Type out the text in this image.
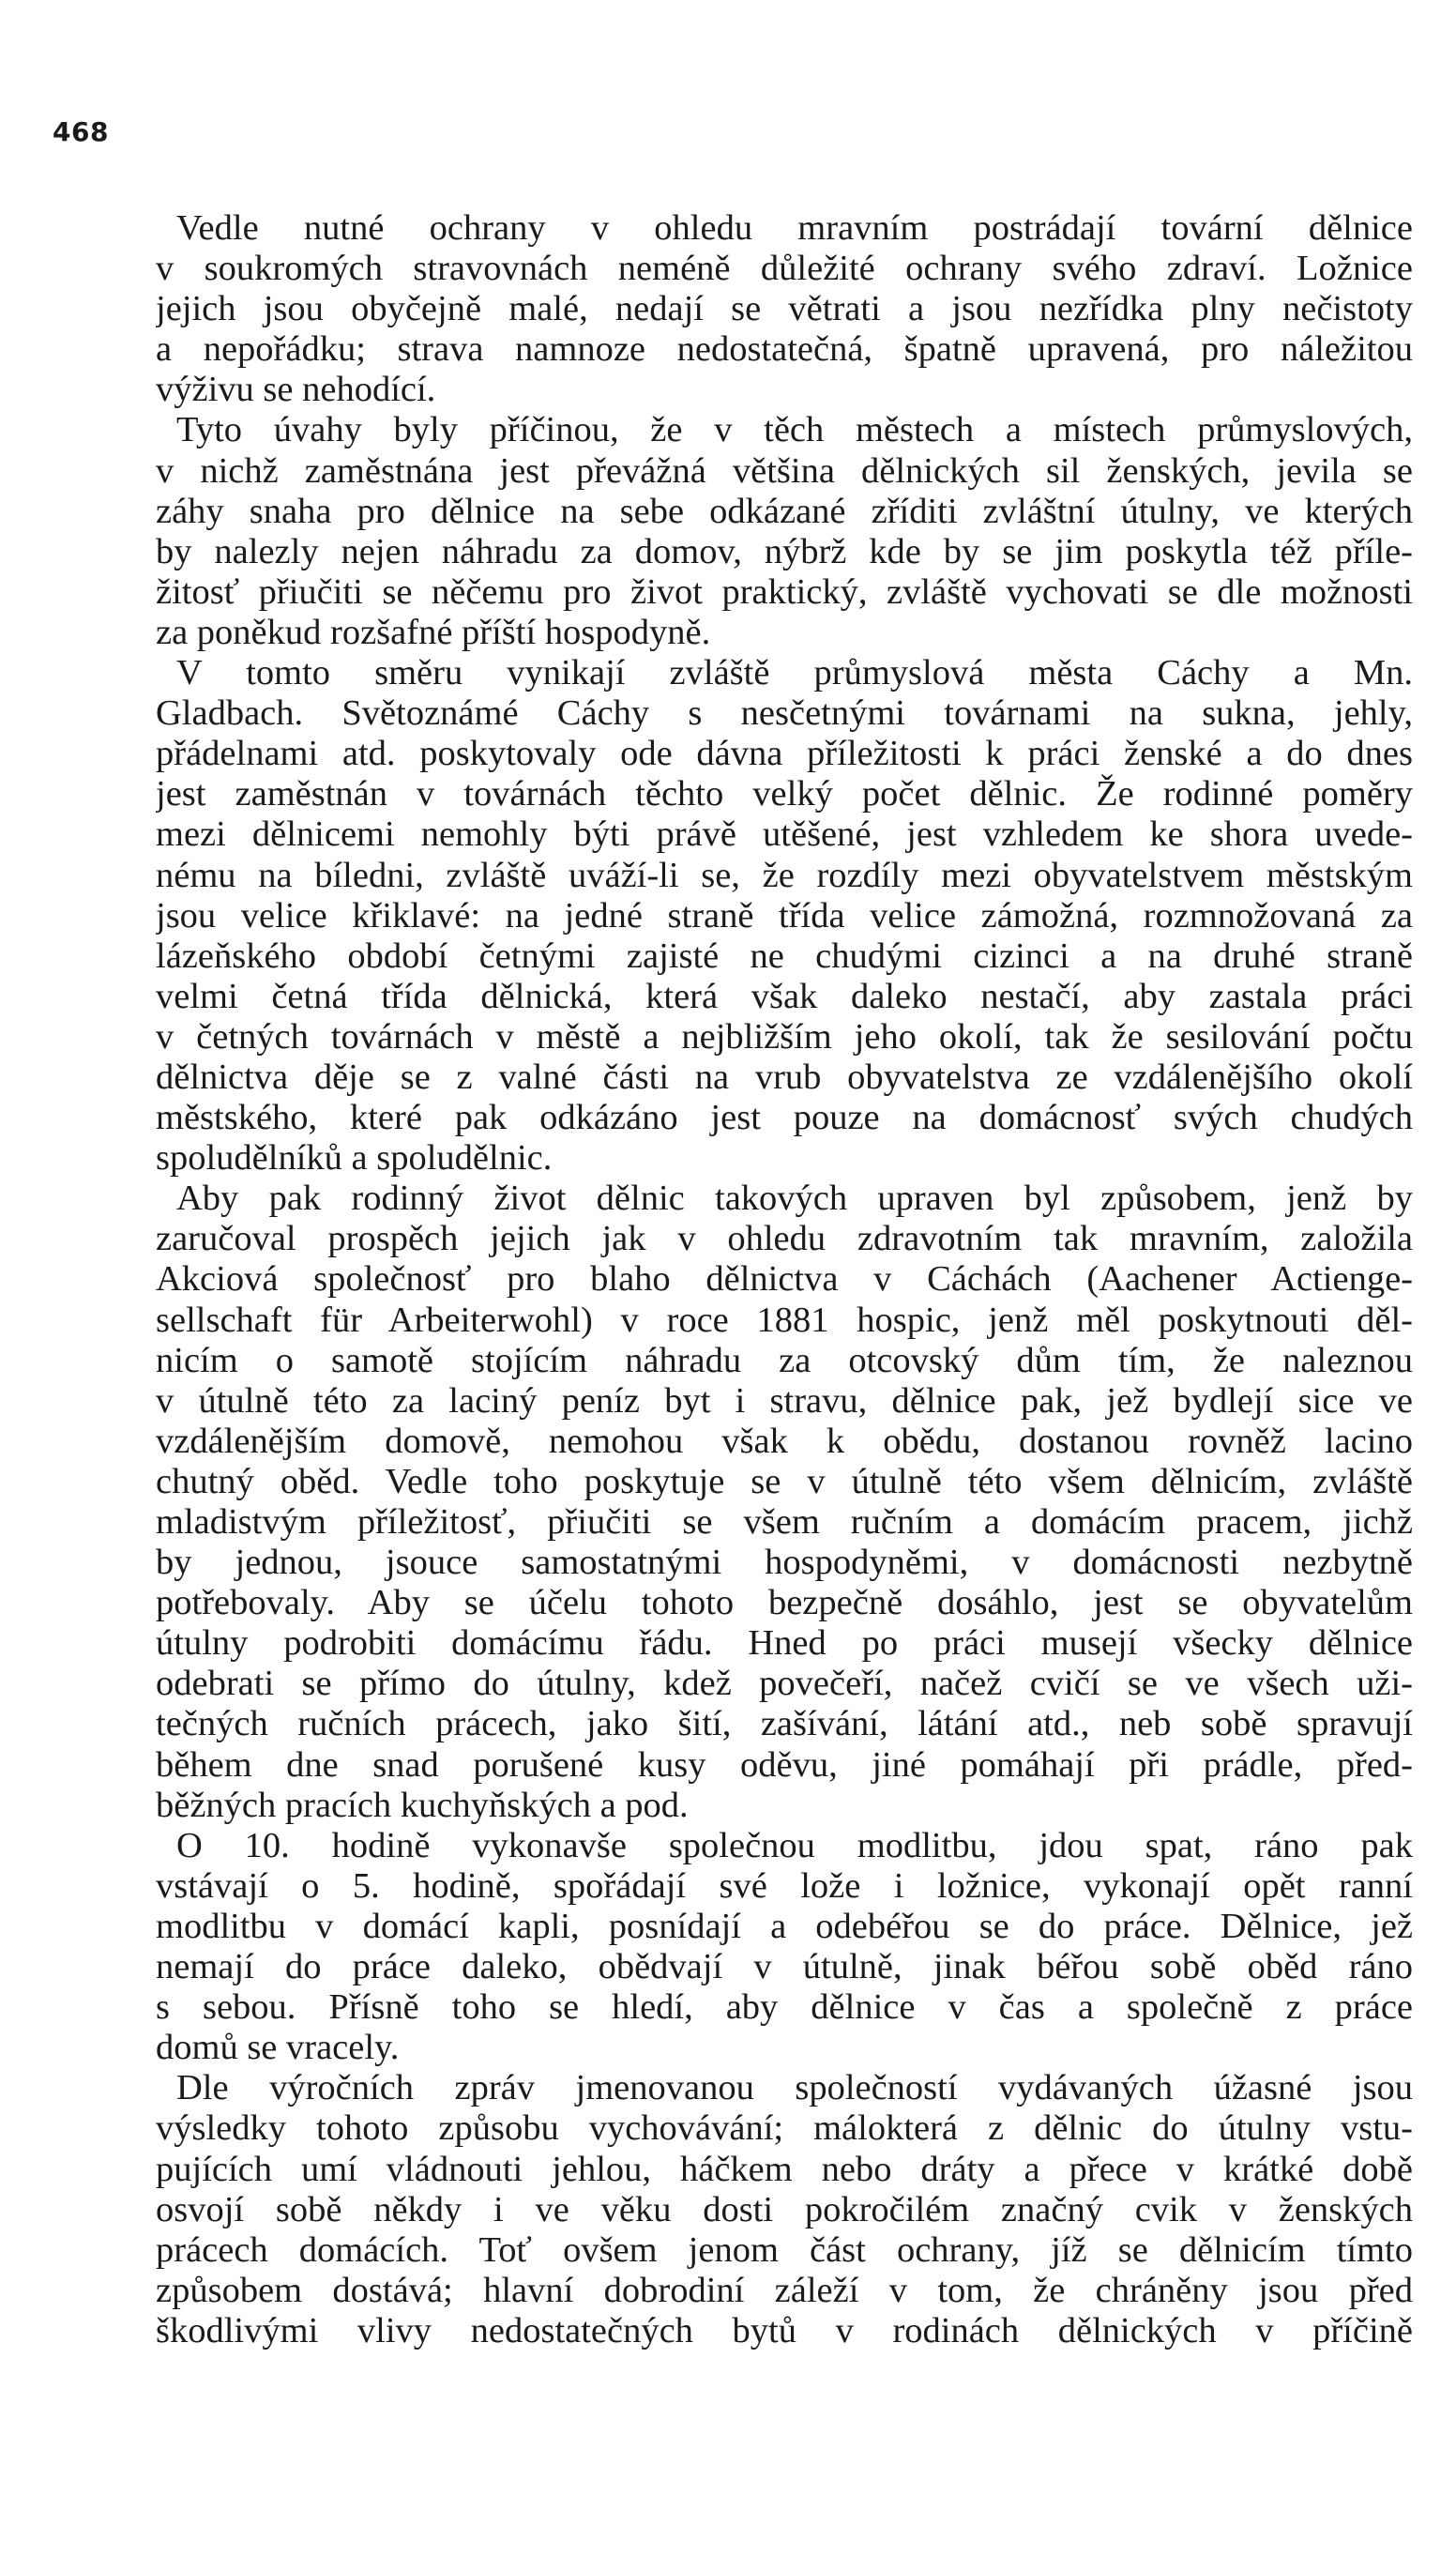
468
Vedle nutné ochrany v ohledu mravním postrádají tovární dělnice
v soukromých stravovnách neméně důležité ochrany svého zdraví. Ložnice
jejich jsou obyčejně malé, nedají se větrati a jsou nezřídka plny nečistoty
a nepořádku; strava namnoze nedostatečná, špatně upravená, pro náležitou
výživu se nehodící.
Tyto úvahy byly příčinou, že v těch městech a místech průmyslových,
v nichž zaměstnána jest převážná většina dělnických sil ženských, jevila se
záhy snaha pro dělnice na sebe odkázané zříditi zvláštní útulny, ve kterých
by nalezly nejen náhradu za domov, nýbrž kde by se jim poskytla též příle-
žitosť přiučiti se něčemu pro život praktický, zvláště vychovati se dle možnosti
za poněkud rozšafné příští hospodyně.
V tomto směru vynikají zvláště průmyslová města Cáchy a Mn.
Gladbach. Světoznámé Cáchy s nesčetnými továrnami na sukna, jehly,
přádelnami atd. poskytovaly ode dávna příležitosti k práci ženské a do dnes
jest zaměstnán v továrnách těchto velký počet dělnic. Že rodinné poměry
mezi dělnicemi nemohly býti právě utěšené, jest vzhledem ke shora uvede-
nému na bíledni, zvláště uváží-li se, že rozdíly mezi obyvatelstvem městským
jsou velice křiklavé: na jedné straně třída velice zámožná, rozmnožovaná za
lázeňského období četnými zajisté ne chudými cizinci a na druhé straně
velmi četná třída dělnická, která však daleko nestačí, aby zastala práci
v četných továrnách v městě a nejbližším jeho okolí, tak že sesilování počtu
dělnictva děje se z valné části na vrub obyvatelstva ze vzdálenějšího okolí
městského, které pak odkázáno jest pouze na domácnosť svých chudých
spoludělníků a spoludělnic.
Aby pak rodinný život dělnic takových upraven byl způsobem, jenž by
zaručoval prospěch jejich jak v ohledu zdravotním tak mravním, založila
Akciová společnosť pro blaho dělnictva v Cáchách (Aachener Actienge-
sellschaft für Arbeiterwohl) v roce 1881 hospic, jenž měl poskytnouti děl-
nicím o samotě stojícím náhradu za otcovský dům tím, že naleznou
v útulně této za laciný peníz byt i stravu, dělnice pak, jež bydlejí sice ve
vzdálenějším domově, nemohou však k obědu, dostanou rovněž lacino
chutný oběd. Vedle toho poskytuje se v útulně této všem dělnicím, zvláště
mladistvým příležitosť, přiučiti se všem ručním a domácím pracem, jichž
by jednou, jsouce samostatnými hospodyněmi, v domácnosti nezbytně
potřebovaly. Aby se účelu tohoto bezpečně dosáhlo, jest se obyvatelům
útulny podrobiti domácímu řádu. Hned po práci musejí všecky dělnice
odebrati se přímo do útulny, kdež povečeří, načež cvičí se ve všech uži-
tečných ručních prácech, jako šití, zašívání, látání atd., neb sobě spravují
během dne snad porušené kusy oděvu, jiné pomáhají při prádle, před-
běžných pracích kuchyňských a pod.
O 10. hodině vykonavše společnou modlitbu, jdou spat, ráno pak
vstávají o 5. hodině, spořádají své lože i ložnice, vykonají opět ranní
modlitbu v domácí kapli, posnídají a odebéřou se do práce. Dělnice, jež
nemají do práce daleko, obědvají v útulně, jinak béřou sobě oběd ráno
s sebou. Přísně toho se hledí, aby dělnice v čas a společně z práce
domů se vracely.
Dle výročních zpráv jmenovanou společností vydávaných úžasné jsou
výsledky tohoto způsobu vychovávání; málokterá z dělnic do útulny vstu-
pujících umí vládnouti jehlou, háčkem nebo dráty a přece v krátké době
osvojí sobě někdy i ve věku dosti pokročilém značný cvik v ženských
prácech domácích. Toť ovšem jenom část ochrany, jíž se dělnicím tímto
způsobem dostává; hlavní dobrodiní záleží v tom, že chráněny jsou před
škodlivými vlivy nedostatečných bytů v rodinách dělnických v příčině
